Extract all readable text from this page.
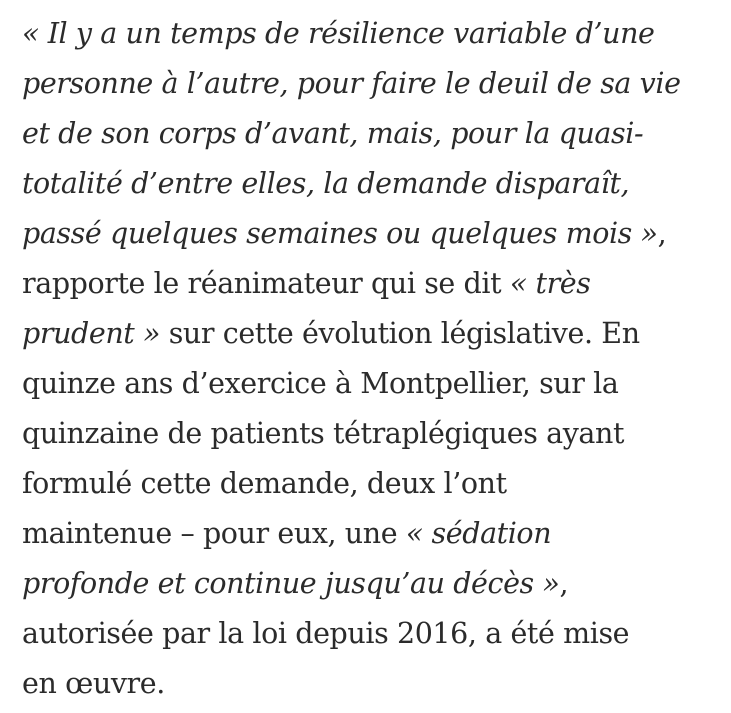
« Il y a un temps de résilience variable d’une
personne à l’autre, pour faire le deuil de sa vie
et de son corps d’avant, mais, pour la quasi-
totalité d’entre elles, la demande disparaît,
passé quelques semaines ou quelques mois »,
rapporte le réanimateur qui se dit « très
prudent » sur cette évolution législative. En
quinze ans d’exercice à Montpellier, sur la
quinzaine de patients tétraplégiques ayant
formulé cette demande, deux l’ont
maintenue – pour eux, une « sédation
profonde et continue jusqu’au décès »,
autorisée par la loi depuis 2016, a été mise
en œuvre.
